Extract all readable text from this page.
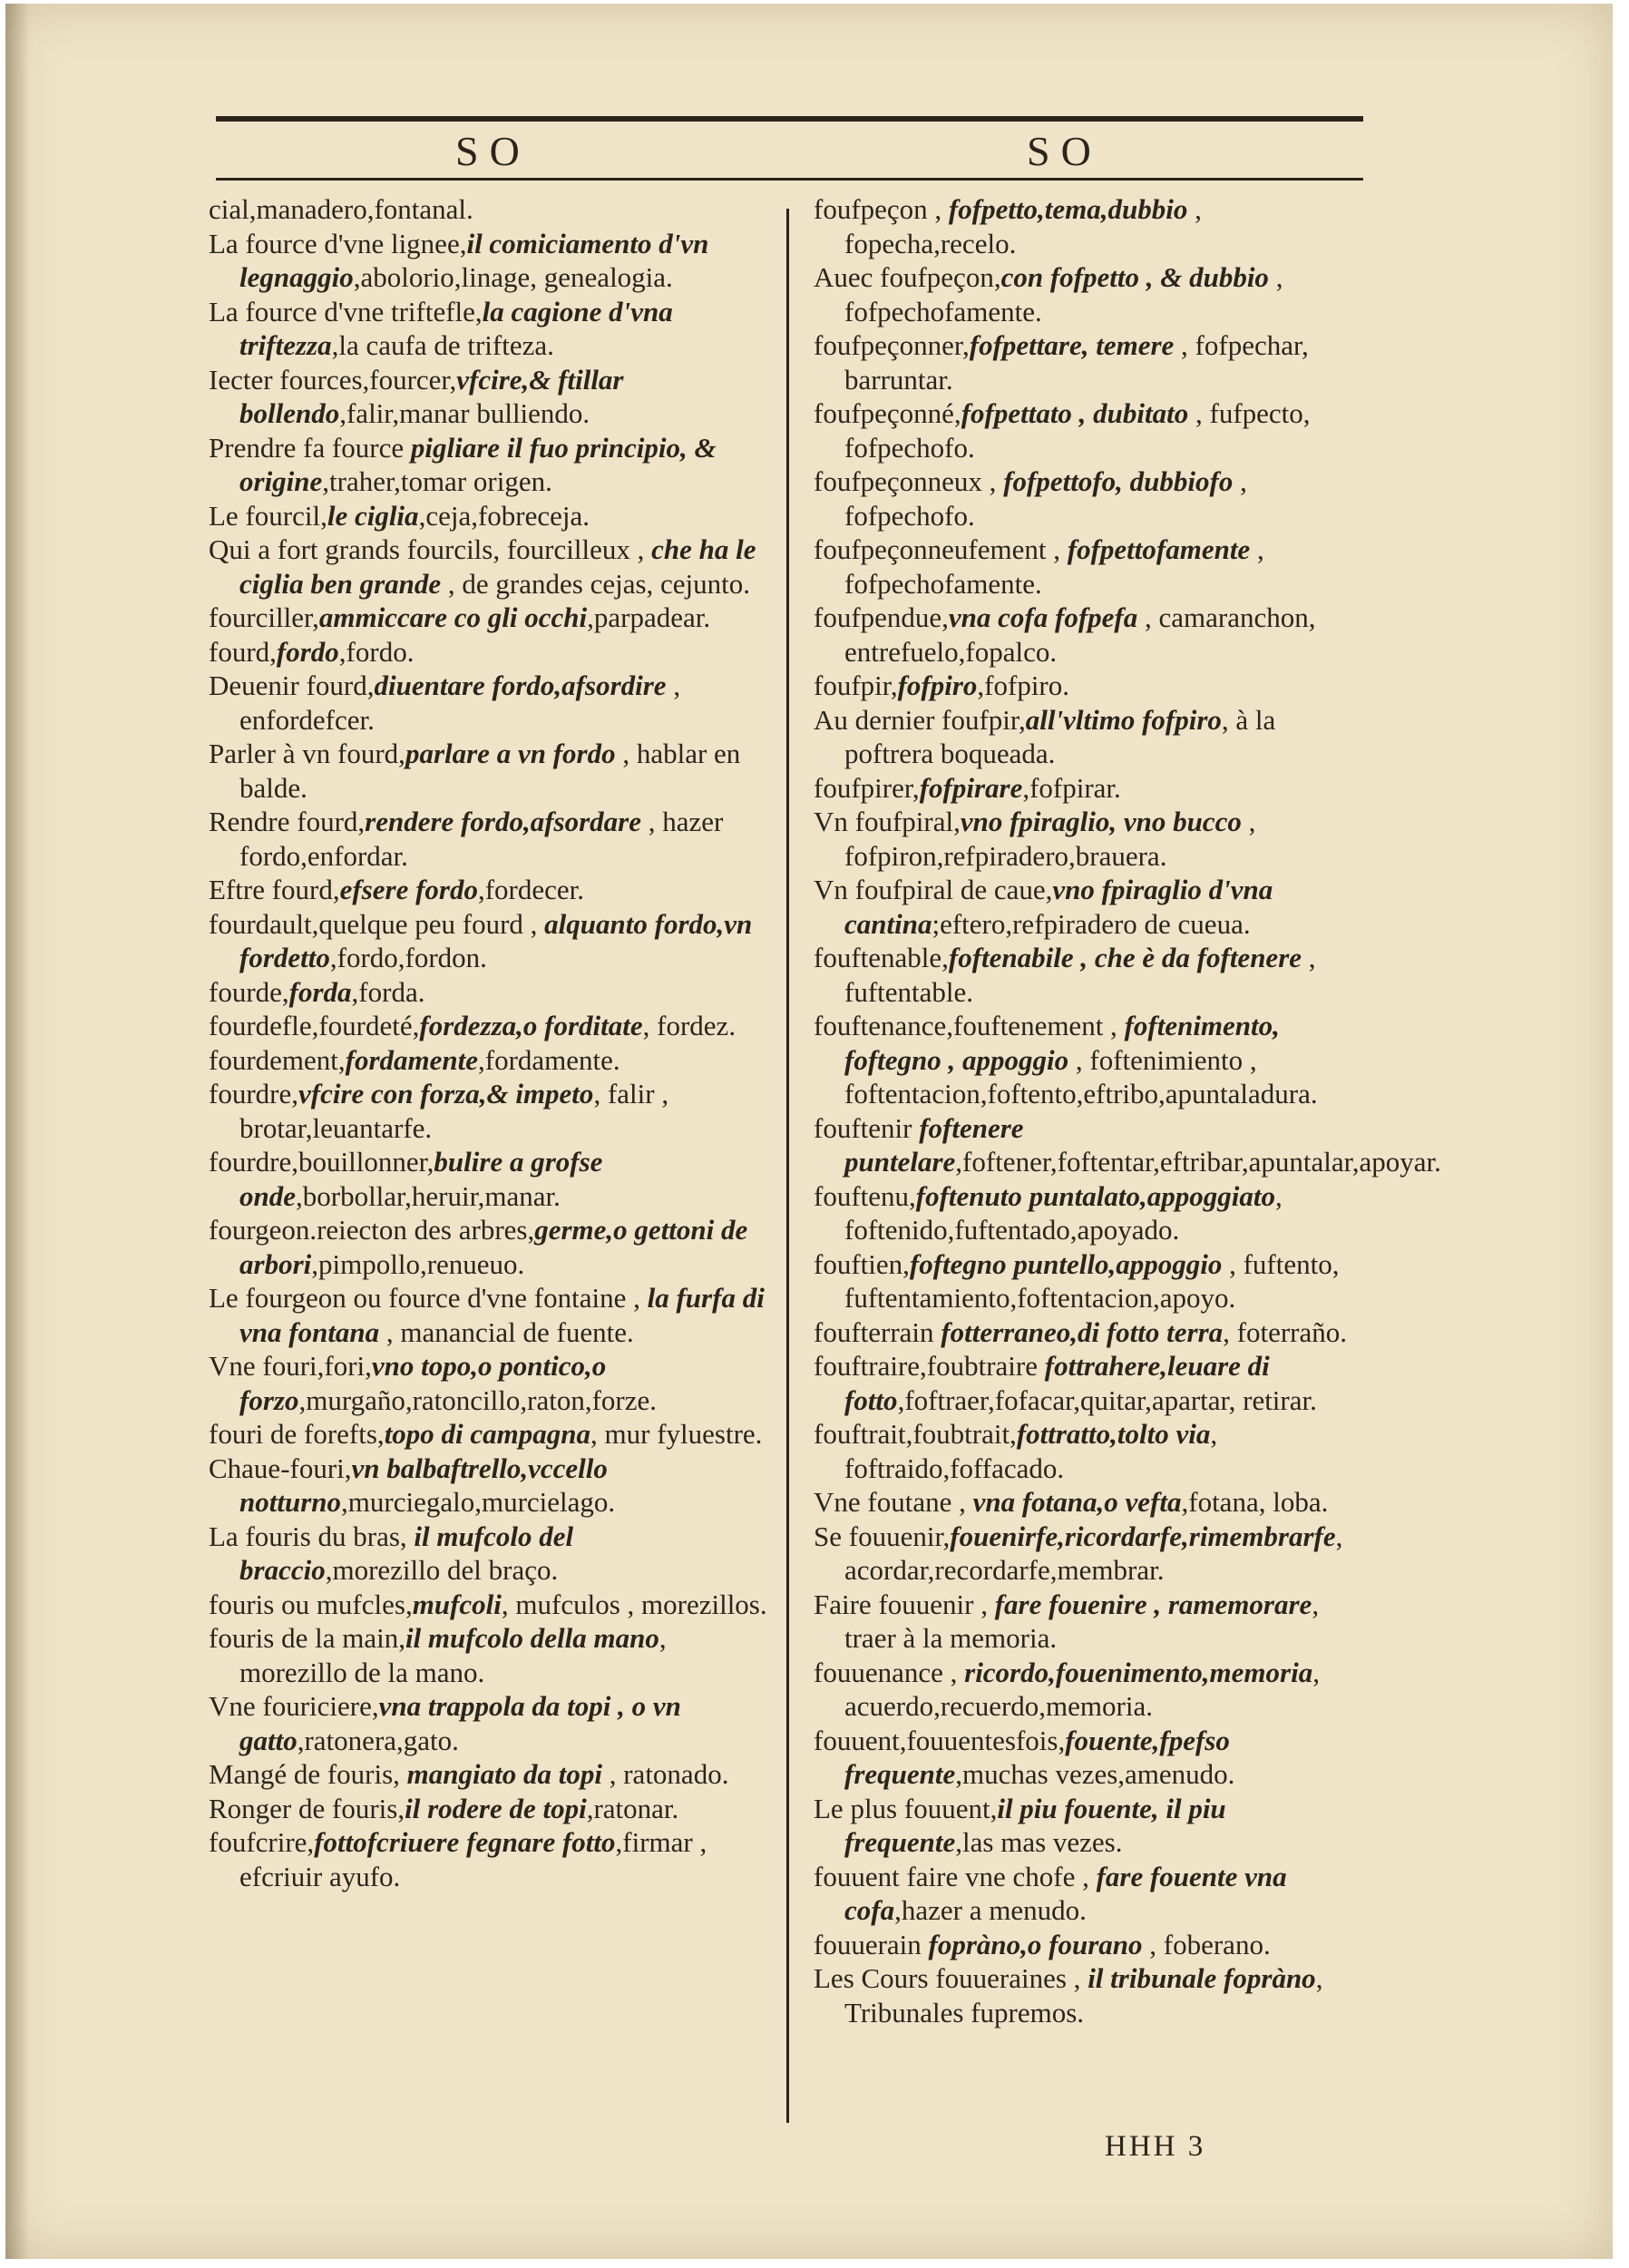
SO	SO

cial,manadero,fontanal.

La fource d'vne lignee,il comiciamento d'vn legnaggio,abolorio,linage, genealogia.

La fource d'vne triftefle,la cagione d'vna triftezza,la caufa de trifteza.

Iecter fources,fourcer,vfcire,& ftillar bollendo,falir,manar bulliendo.

Prendre fa fource pigliare il fuo principio, & origine,traher,tomar origen.

Le fourcil,le ciglia,ceja,fobreceja.

Qui a fort grands fourcils, fourcilleux , che ha le ciglia ben grande , de grandes cejas, cejunto.

fourciller,ammiccare co gli occhi,parpadear.

fourd,fordo,fordo.

Deuenir fourd,diuentare fordo,afsordire , enfordefcer.

Parler à vn fourd,parlare a vn fordo , hablar en balde.

Rendre fourd,rendere fordo,afsordare , hazer fordo,enfordar.

Eftre fourd,efsere fordo,fordecer.

fourdault,quelque peu fourd , alquanto fordo,vn fordetto,fordo,fordon.

fourde,forda,forda.

fourdefle,fourdeté,fordezza,o forditate, fordez.

fourdement,fordamente,fordamente.

fourdre,vfcire con forza,& impeto, falir , brotar,leuantarfe.

fourdre,bouillonner,bulire a grofse onde,borbollar,heruir,manar.

fourgeon.reiecton des arbres,germe,o gettoni de arbori,pimpollo,renueuo.

Le fourgeon ou fource d'vne fontaine , la furfa di vna fontana , manancial de fuente.

Vne fouri,fori,vno topo,o pontico,o forzo,murgaño,ratoncillo,raton,forze.

fouri de forefts,topo di campagna, mur fyluestre.

Chaue-fouri,vn balbaftrello,vccello notturno,murciegalo,murcielago.

La fouris du bras, il mufcolo del braccio,morezillo del braço.

fouris ou mufcles,mufcoli, mufculos , morezillos.

fouris de la main,il mufcolo della mano, morezillo de la mano.

Vne fouriciere,vna trappola da topi , o vn gatto,ratonera,gato.

Mangé de fouris, mangiato da topi , ratonado.

Ronger de fouris,il rodere de topi,ratonar.

foufcrire,fottofcriuere fegnare fotto,firmar , efcriuir ayufo.

foufpeçon , fofpetto,tema,dubbio , fopecha,recelo.

Auec foufpeçon,con fofpetto , & dubbio , fofpechofamente.

foufpeçonner,fofpettare, temere , fofpechar, barruntar.

foufpeçonné,fofpettato , dubitato , fufpecto, fofpechofo.

foufpeçonneux , fofpettofo, dubbiofo , fofpechofo.

foufpeçonneufement , fofpettofamente , fofpechofamente.

foufpendue,vna cofa fofpefa , camaranchon, entrefuelo,fopalco.

foufpir,fofpiro,fofpiro.

Au dernier foufpir,all'vltimo fofpiro, à la poftrera boqueada.

foufpirer,fofpirare,fofpirar.

Vn foufpiral,vno fpiraglio, vno bucco , fofpiron,refpiradero,brauera.

Vn foufpiral de caue,vno fpiraglio d'vna cantina;eftero,refpiradero de cueua.

fouftenable,foftenabile , che è da foftenere , fuftentable.

fouftenance,fouftenement , foftenimento, foftegno , appoggio , foftenimiento , foftentacion,foftento,eftribo,apuntaladura.

fouftenir foftenere puntelare,foftener,foftentar,eftribar,apuntalar,apoyar.

fouftenu,foftenuto puntalato,appoggiato, foftenido,fuftentado,apoyado.

fouftien,foftegno puntello,appoggio , fuftento, fuftentamiento,foftentacion,apoyo.

foufterrain fotterraneo,di fotto terra, foterraño.

fouftraire,foubtraire fottrahere,leuare di fotto,foftraer,fofacar,quitar,apartar, retirar.

fouftrait,foubtrait,fottratto,tolto via, foftraido,foffacado.

Vne foutane , vna fotana,o vefta,fotana, loba.

Se fouuenir,fouenirfe,ricordarfe,rimembrarfe, acordar,recordarfe,membrar.

Faire fouuenir , fare fouenire , ramemorare, traer à la memoria.

fouuenance , ricordo,fouenimento,memoria, acuerdo,recuerdo,memoria.

fouuent,fouuentesfois,fouente,fpefso frequente,muchas vezes,amenudo.

Le plus fouuent,il piu fouente, il piu frequente,las mas vezes.

fouuent faire vne chofe , fare fouente vna cofa,hazer a menudo.

fouuerain fopràno,o fourano , foberano.

Les Cours fouueraines , il tribunale fopràno, Tribunales fupremos.

HHH 3
